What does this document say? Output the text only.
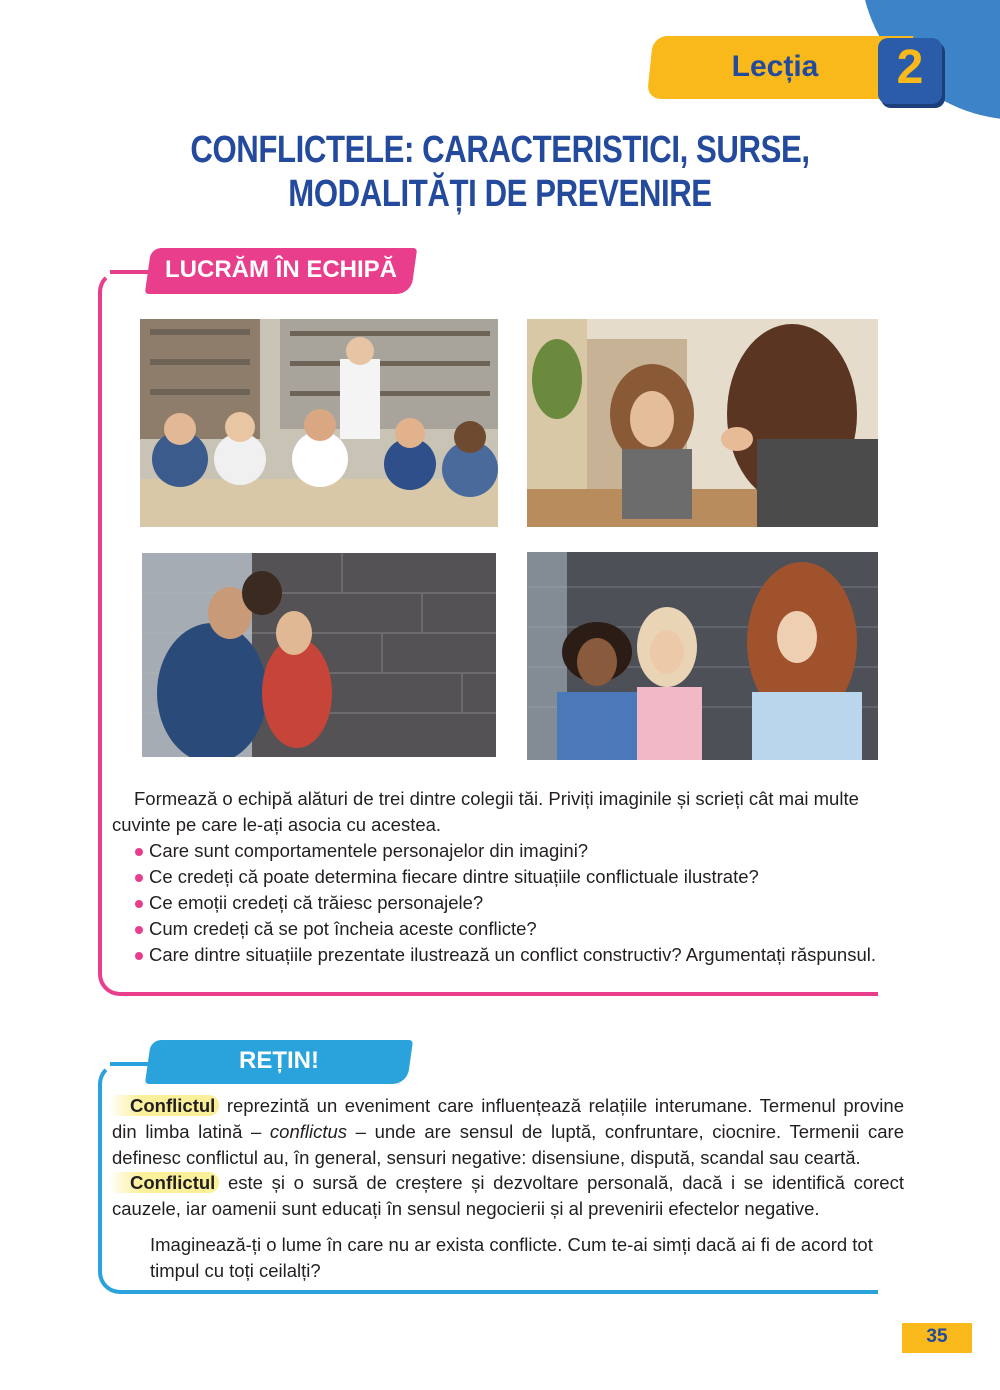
Lecția	2
CONFLICTELE: CARACTERISTICI, SURSE,
MODALITĂȚI DE PREVENIRE
LUCRĂM ÎN ECHIPĂ
Formează o echipă alături de trei dintre colegii tăi. Priviți imaginile și scrieți cât mai multe cuvinte pe care le-ați asocia cu acestea.
Care sunt comportamentele personajelor din imagini?
Ce credeți că poate determina fiecare dintre situațiile conflictuale ilustrate?
Ce emoții credeți că trăiesc personajele?
Cum credeți că se pot încheia aceste conflicte?
Care dintre situațiile prezentate ilustrează un conflict constructiv? Argumentați răspunsul.
REȚIN!
Conflictul reprezintă un eveniment care influențează relațiile interumane. Termenul provine din limba latină – conflictus – unde are sensul de luptă, confruntare, ciocnire. Termenii care definesc conflictul au, în general, sensuri negative: disensiune, dispută, scandal sau ceartă.
Conflictul este și o sursă de creștere și dezvoltare personală, dacă i se identifică corect cauzele, iar oamenii sunt educați în sensul negocierii și al prevenirii efectelor negative.
Imaginează-ți o lume în care nu ar exista conflicte. Cum te-ai simți dacă ai fi de acord tot timpul cu toți ceilalți?
35
